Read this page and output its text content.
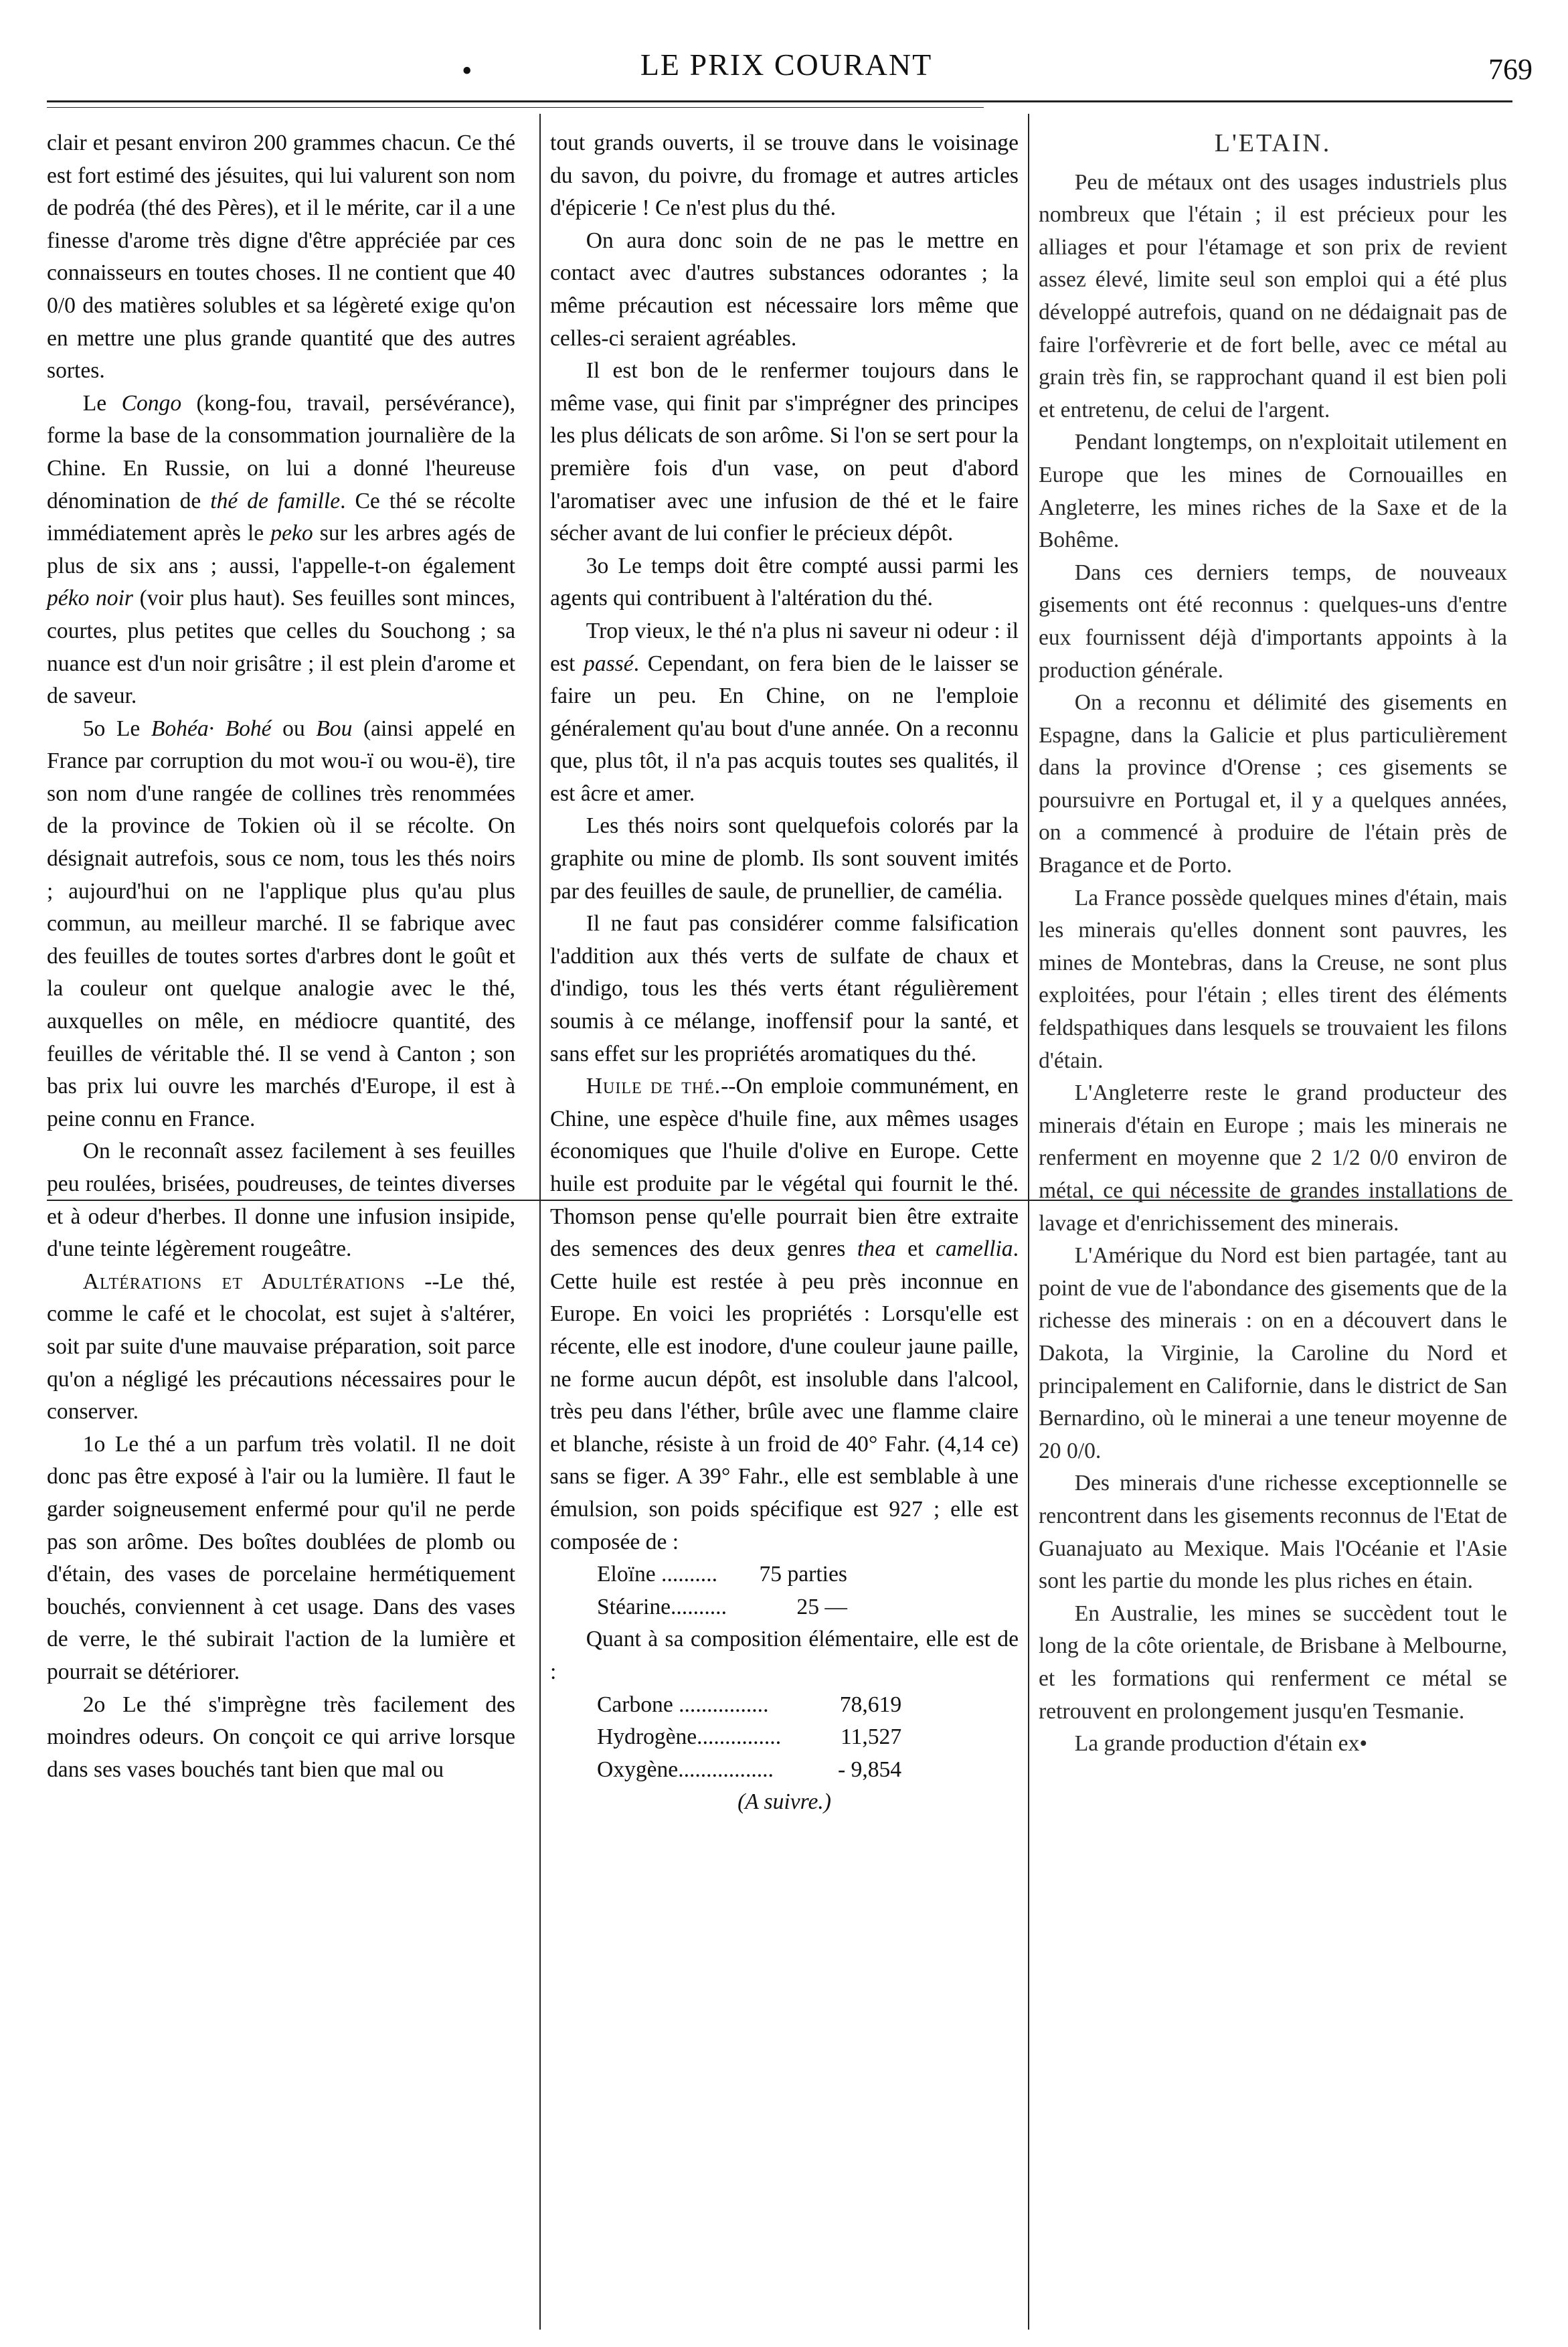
•	LE PRIX COURANT	769

clair et pesant environ 200 grammes chacun. Ce thé est fort estimé des jésuites, qui lui valurent son nom de podréa (thé des Pères), et il le mérite, car il a une finesse d'arome très digne d'être appréciée par ces connaisseurs en toutes choses. Il ne contient que 40 0/0 des matières solubles et sa légèreté exige qu'on en mettre une plus grande quantité que des autres sortes.

Le Congo (kong-fou, travail, persévérance), forme la base de la consommation journalière de la Chine. En Russie, on lui a donné l'heureuse dénomination de thé de famille. Ce thé se récolte immédiatement après le peko sur les arbres agés de plus de six ans ; aussi, l'appelle-t-on également péko noir (voir plus haut). Ses feuilles sont minces, courtes, plus petites que celles du Souchong ; sa nuance est d'un noir grisâtre ; il est plein d'arome et de saveur.

5o Le Bohéa· Bohé ou Bou (ainsi appelé en France par corruption du mot wou-ï ou wou-ë), tire son nom d'une rangée de collines très renommées de la province de Tokien où il se récolte. On désignait autrefois, sous ce nom, tous les thés noirs ; aujourd'hui on ne l'applique plus qu'au plus commun, au meilleur marché. Il se fabrique avec des feuilles de toutes sortes d'arbres dont le goût et la couleur ont quelque analogie avec le thé, auxquelles on mêle, en médiocre quantité, des feuilles de véritable thé. Il se vend à Canton ; son bas prix lui ouvre les marchés d'Europe, il est à peine connu en France.

On le reconnaît assez facilement à ses feuilles peu roulées, brisées, poudreuses, de teintes diverses et à odeur d'herbes. Il donne une infusion insipide, d'une teinte légèrement rougeâtre.

Altérations et Adultérations --Le thé, comme le café et le chocolat, est sujet à s'altérer, soit par suite d'une mauvaise préparation, soit parce qu'on a négligé les précautions nécessaires pour le conserver.

1o Le thé a un parfum très volatil. Il ne doit donc pas être exposé à l'air ou la lumière. Il faut le garder soigneusement enfermé pour qu'il ne perde pas son arôme. Des boîtes doublées de plomb ou d'étain, des vases de porcelaine hermétiquement bouchés, conviennent à cet usage. Dans des vases de verre, le thé subirait l'action de la lumière et pourrait se détériorer.

2o Le thé s'imprègne très facilement des moindres odeurs. On conçoit ce qui arrive lorsque dans ses vases bouchés tant bien que mal ou

tout grands ouverts, il se trouve dans le voisinage du savon, du poivre, du fromage et autres articles d'épicerie ! Ce n'est plus du thé.

On aura donc soin de ne pas le mettre en contact avec d'autres substances odorantes ; la même précaution est nécessaire lors même que celles-ci seraient agréables.

Il est bon de le renfermer toujours dans le même vase, qui finit par s'imprégner des principes les plus délicats de son arôme. Si l'on se sert pour la première fois d'un vase, on peut d'abord l'aromatiser avec une infusion de thé et le faire sécher avant de lui confier le précieux dépôt.

3o Le temps doit être compté aussi parmi les agents qui contribuent à l'altération du thé.

Trop vieux, le thé n'a plus ni saveur ni odeur : il est passé. Cependant, on fera bien de le laisser se faire un peu. En Chine, on ne l'emploie généralement qu'au bout d'une année. On a reconnu que, plus tôt, il n'a pas acquis toutes ses qualités, il est âcre et amer.

Les thés noirs sont quelquefois colorés par la graphite ou mine de plomb. Ils sont souvent imités par des feuilles de saule, de prunellier, de camélia.

Il ne faut pas considérer comme falsification l'addition aux thés verts de sulfate de chaux et d'indigo, tous les thés verts étant régulièrement soumis à ce mélange, inoffensif pour la santé, et sans effet sur les propriétés aromatiques du thé.

Huile de thé.--On emploie communément, en Chine, une espèce d'huile fine, aux mêmes usages économiques que l'huile d'olive en Europe. Cette huile est produite par le végétal qui fournit le thé. Thomson pense qu'elle pourrait bien être extraite des semences des deux genres thea et camellia. Cette huile est restée à peu près inconnue en Europe. En voici les propriétés : Lorsqu'elle est récente, elle est inodore, d'une couleur jaune paille, ne forme aucun dépôt, est insoluble dans l'alcool, très peu dans l'éther, brûle avec une flamme claire et blanche, résiste à un froid de 40° Fahr. (4,14 ce) sans se figer. A 39° Fahr., elle est semblable à une émulsion, son poids spécifique est 927 ; elle est composée de :

Eloïne ..........	75 parties
Stéarine..........	25 —

Quant à sa composition élémentaire, elle est de :

Carbone ................	78,619
Hydrogène...............	11,527
Oxygène.................	- 9,854

(A suivre.)

L'ETAIN.

Peu de métaux ont des usages industriels plus nombreux que l'étain ; il est précieux pour les alliages et pour l'étamage et son prix de revient assez élevé, limite seul son emploi qui a été plus développé autrefois, quand on ne dédaignait pas de faire l'orfèvrerie et de fort belle, avec ce métal au grain très fin, se rapprochant quand il est bien poli et entretenu, de celui de l'argent.

Pendant longtemps, on n'exploitait utilement en Europe que les mines de Cornouailles en Angleterre, les mines riches de la Saxe et de la Bohême.

Dans ces derniers temps, de nouveaux gisements ont été reconnus : quelques-uns d'entre eux fournissent déjà d'importants appoints à la production générale.

On a reconnu et délimité des gisements en Espagne, dans la Galicie et plus particulièrement dans la province d'Orense ; ces gisements se poursuivre en Portugal et, il y a quelques années, on a commencé à produire de l'étain près de Bragance et de Porto.

La France possède quelques mines d'étain, mais les minerais qu'elles donnent sont pauvres, les mines de Montebras, dans la Creuse, ne sont plus exploitées, pour l'étain ; elles tirent des éléments feldspathiques dans lesquels se trouvaient les filons d'étain.

L'Angleterre reste le grand producteur des minerais d'étain en Europe ; mais les minerais ne renferment en moyenne que 2 1/2 0/0 environ de métal, ce qui nécessite de grandes installations de lavage et d'enrichissement des minerais.

L'Amérique du Nord est bien partagée, tant au point de vue de l'abondance des gisements que de la richesse des minerais : on en a découvert dans le Dakota, la Virginie, la Caroline du Nord et principalement en Californie, dans le district de San Bernardino, où le minerai a une teneur moyenne de 20 0/0.

Des minerais d'une richesse exceptionnelle se rencontrent dans les gisements reconnus de l'Etat de Guanajuato au Mexique. Mais l'Océanie et l'Asie sont les partie du monde les plus riches en étain.

En Australie, les mines se succèdent tout le long de la côte orientale, de Brisbane à Melbourne, et les formations qui renferment ce métal se retrouvent en prolongement jusqu'en Tesmanie.

La grande production d'étain ex•
